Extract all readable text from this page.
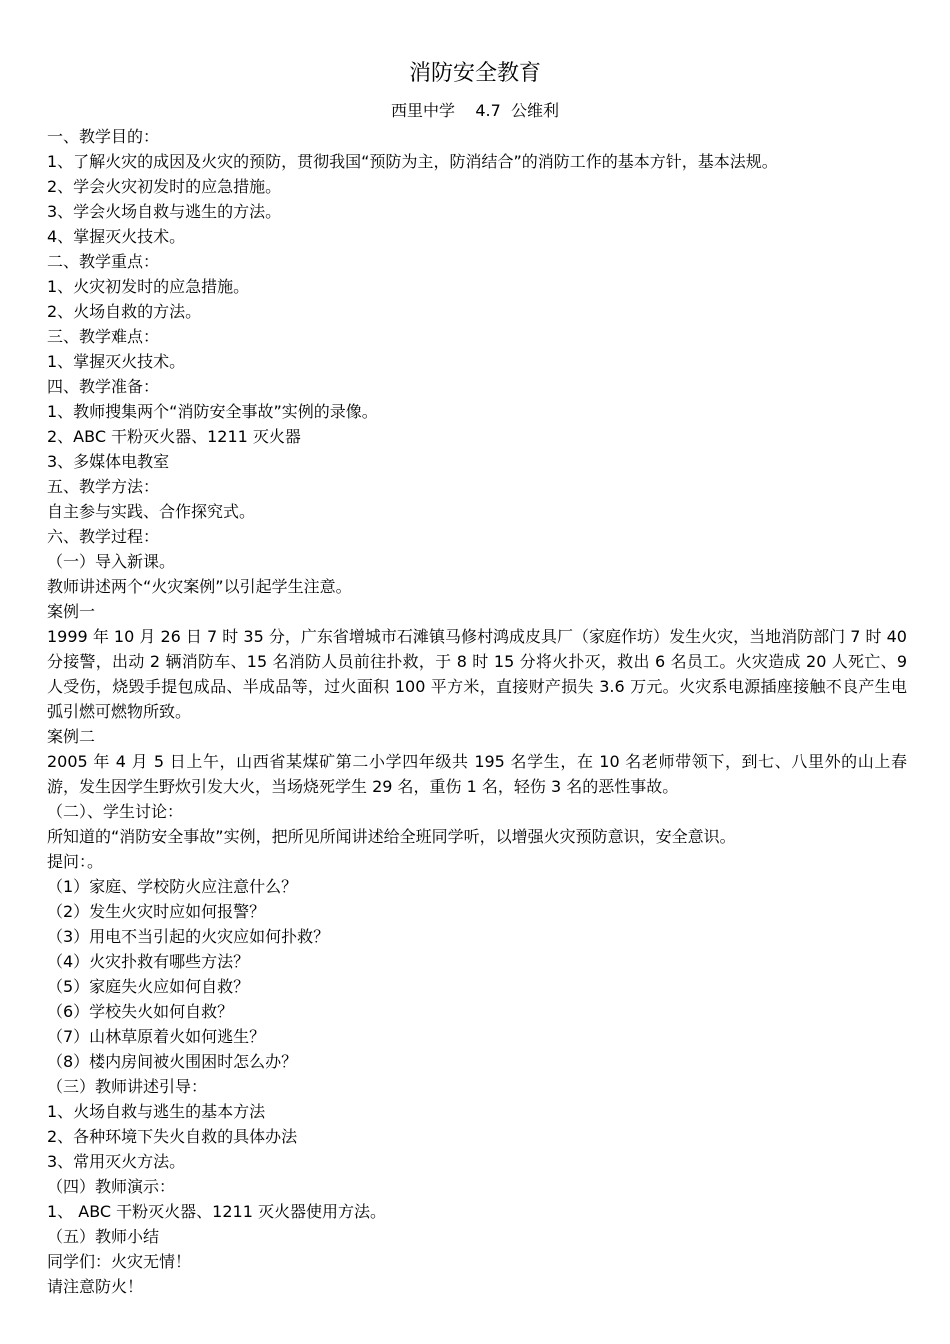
消防安全教育
西里中学    4.7  公维利

一、教学目的：

1、了解火灾的成因及火灾的预防，贯彻我国“预防为主，防消结合”的消防工作的基本方针，基本法规。

2、学会火灾初发时的应急措施。

3、学会火场自救与逃生的方法。

4、掌握灭火技术。

二、教学重点：

1、火灾初发时的应急措施。

2、火场自救的方法。

三、教学难点：

1、掌握灭火技术。

四、教学准备：

1、教师搜集两个“消防安全事故”实例的录像。

2、ABC 干粉灭火器、1211 灭火器

3、多媒体电教室

五、教学方法：

自主参与实践、合作探究式。

六、教学过程：

（一）导入新课。

教师讲述两个“火灾案例”以引起学生注意。

案例一

1999 年 10 月 26 日 7 时 35 分，广东省增城市石滩镇马修村鸿成皮具厂（家庭作坊）发生火灾，当地消防部门 7 时 40 分接警，出动 2 辆消防车、15 名消防人员前往扑救，于 8 时 15 分将火扑灭，救出 6 名员工。火灾造成 20 人死亡、9 人受伤，烧毁手提包成品、半成品等，过火面积 100 平方米，直接财产损失 3.6 万元。火灾系电源插座接触不良产生电弧引燃可燃物所致。

案例二

2005 年 4 月 5 日上午，山西省某煤矿第二小学四年级共 195 名学生，在 10 名老师带领下，到七、八里外的山上春游，发生因学生野炊引发大火，当场烧死学生 29 名，重伤 1 名，轻伤 3 名的恶性事故。

（二）、学生讨论：

所知道的“消防安全事故”实例，把所见所闻讲述给全班同学听，以增强火灾预防意识，安全意识。

提问：。

（1）家庭、学校防火应注意什么？

（2）发生火灾时应如何报警？

（3）用电不当引起的火灾应如何扑救？

（4）火灾扑救有哪些方法？

（5）家庭失火应如何自救？

（6）学校失火如何自救？

（7）山林草原着火如何逃生？

（8）楼内房间被火围困时怎么办？

（三）教师讲述引导：

1、火场自救与逃生的基本方法

2、各种环境下失火自救的具体办法

3、常用灭火方法。

（四）教师演示：

1、 ABC 干粉灭火器、1211 灭火器使用方法。

（五）教师小结

同学们：火灾无情！

请注意防火！
